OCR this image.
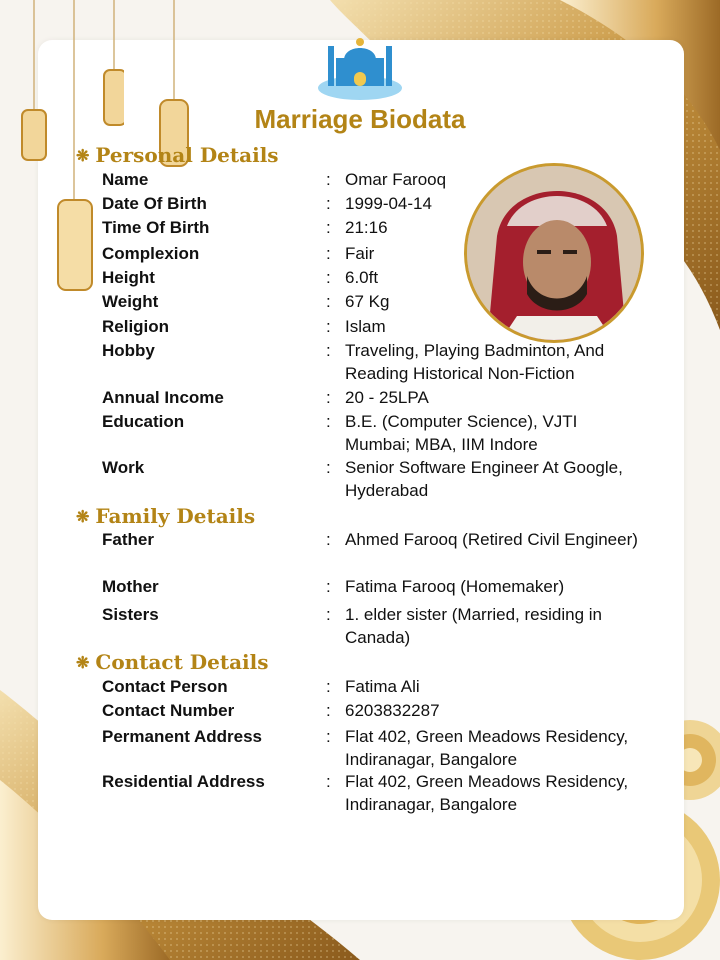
Marriage Biodata
❋ Personal Details
Name	: Omar Farooq
Date Of Birth	: 1999-04-14
Time Of Birth	: 21:16
Complexion	: Fair
Height	: 6.0ft
Weight	: 67 Kg
Religion	: Islam
Hobby	: Traveling, Playing Badminton, And Reading Historical Non-Fiction
Annual Income	: 20 - 25LPA
Education	: B.E. (Computer Science), VJTI Mumbai; MBA, IIM Indore
Work	: Senior Software Engineer At Google, Hyderabad
❋ Family Details
Father	: Ahmed Farooq (Retired Civil Engineer)
Mother	: Fatima Farooq (Homemaker)
Sisters	: 1. elder sister (Married, residing in Canada)
❋ Contact Details
Contact Person	: Fatima Ali
Contact Number	: 6203832287
Permanent Address	: Flat 402, Green Meadows Residency, Indiranagar, Bangalore
Residential Address	: Flat 402, Green Meadows Residency, Indiranagar, Bangalore
